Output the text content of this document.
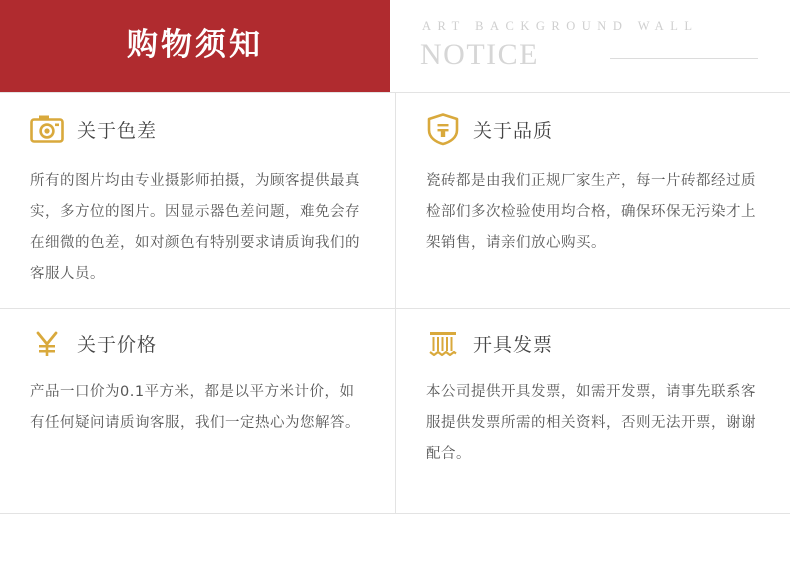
购物须知
ART BACKGROUND WALL
NOTICE
关于色差
所有的图片均由专业摄影师拍摄，为顾客提供最真实，多方位的图片。因显示器色差问题，难免会存在细微的色差，如对颜色有特别要求请质询我们的客服人员。
关于品质
瓷砖都是由我们正规厂家生产，每一片砖都经过质检部们多次检验使用均合格，确保环保无污染才上架销售，请亲们放心购买。
关于价格
产品一口价为0.1平方米，都是以平方米计价，如有任何疑问请质询客服，我们一定热心为您解答。
开具发票
本公司提供开具发票，如需开发票，请事先联系客服提供发票所需的相关资料，否则无法开票，谢谢配合。
